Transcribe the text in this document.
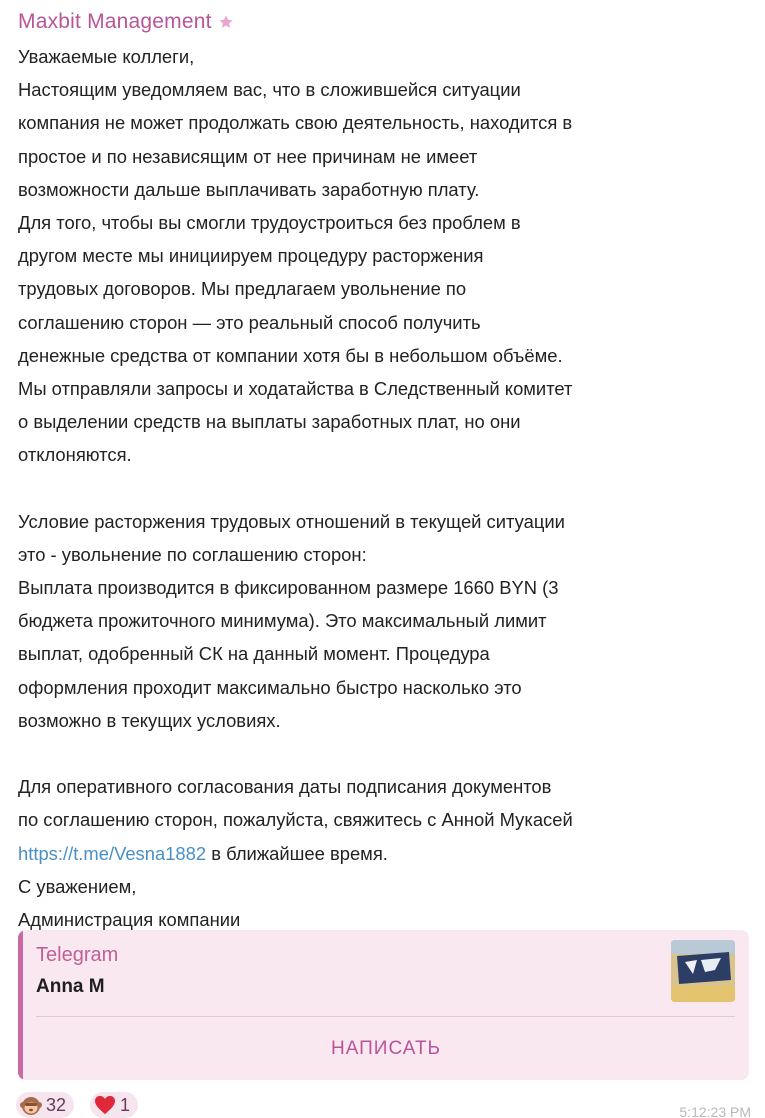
Maxbit Management
Уважаемые коллеги,
Настоящим уведомляем вас, что в сложившейся ситуации
компания не может продолжать свою деятельность, находится в
простое и по независящим от нее причинам не имеет
возможности дальше выплачивать заработную плату.
Для того, чтобы вы смогли трудоустроиться без проблем в
другом месте мы инициируем процедуру расторжения
трудовых договоров. Мы предлагаем увольнение по
соглашению сторон — это реальный способ получить
денежные средства от компании хотя бы в небольшом объёме.
Мы отправляли запросы и ходатайства в Следственный комитет
о выделении средств на выплаты заработных плат, но они
отклоняются.
Условие расторжения трудовых отношений в текущей ситуации
это - увольнение по соглашению сторон:
Выплата производится в фиксированном размере 1660 BYN (3
бюджета прожиточного минимума). Это максимальный лимит
выплат, одобренный СК на данный момент. Процедура
оформления проходит максимально быстро насколько это
возможно в текущих условиях.
Для оперативного согласования даты подписания документов
по соглашению сторон, пожалуйста, свяжитесь с Анной Мукасей
https://t.me/Vesna1882 в ближайшее время.
С уважением,
Администрация компании
Telegram
Anna M
НАПИСАТЬ
32	1	5:12:23 PM
